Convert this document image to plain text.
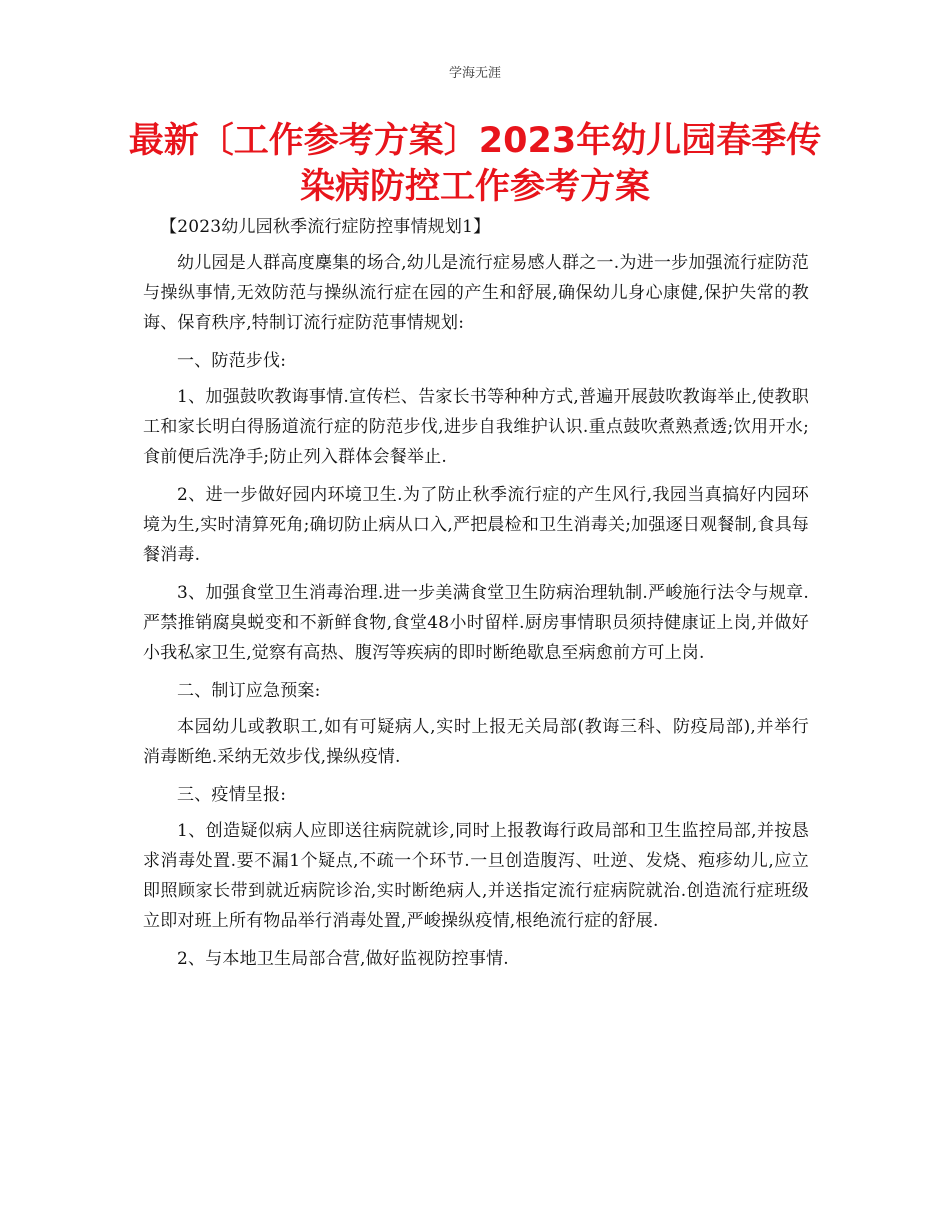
学海无涯
最新〔工作参考方案〕2023年幼儿园春季传染病防控工作参考方案

【2023幼儿园秋季流行症防控事情规划1】

幼儿园是人群高度麇集的场合,幼儿是流行症易感人群之一.为进一步加强流行症防范与操纵事情,无效防范与操纵流行症在园的产生和舒展,确保幼儿身心康健,保护失常的教诲、保育秩序,特制订流行症防范事情规划:

一、防范步伐:

1、加强鼓吹教诲事情.宣传栏、告家长书等种种方式,普遍开展鼓吹教诲举止,使教职工和家长明白得肠道流行症的防范步伐,进步自我维护认识.重点鼓吹煮熟煮透;饮用开水;食前便后洗净手;防止列入群体会餐举止.

2、进一步做好园内环境卫生.为了防止秋季流行症的产生风行,我园当真搞好内园环境为生,实时清算死角;确切防止病从口入,严把晨检和卫生消毒关;加强逐日观餐制,食具每餐消毒.

3、加强食堂卫生消毒治理.进一步美满食堂卫生防病治理轨制.严峻施行法令与规章.严禁推销腐臭蜕变和不新鲜食物,食堂48小时留样.厨房事情职员须持健康证上岗,并做好小我私家卫生,觉察有高热、腹泻等疾病的即时断绝歇息至病愈前方可上岗.

二、制订应急预案:

本园幼儿或教职工,如有可疑病人,实时上报无关局部(教诲三科、防疫局部),并举行消毒断绝.采纳无效步伐,操纵疫情.

三、疫情呈报:

1、创造疑似病人应即送往病院就诊,同时上报教诲行政局部和卫生监控局部,并按恳求消毒处置.要不漏1个疑点,不疏一个环节.一旦创造腹泻、吐逆、发烧、疱疹幼儿,应立即照顾家长带到就近病院诊治,实时断绝病人,并送指定流行症病院就治.创造流行症班级立即对班上所有物品举行消毒处置,严峻操纵疫情,根绝流行症的舒展.

2、与本地卫生局部合营,做好监视防控事情.
